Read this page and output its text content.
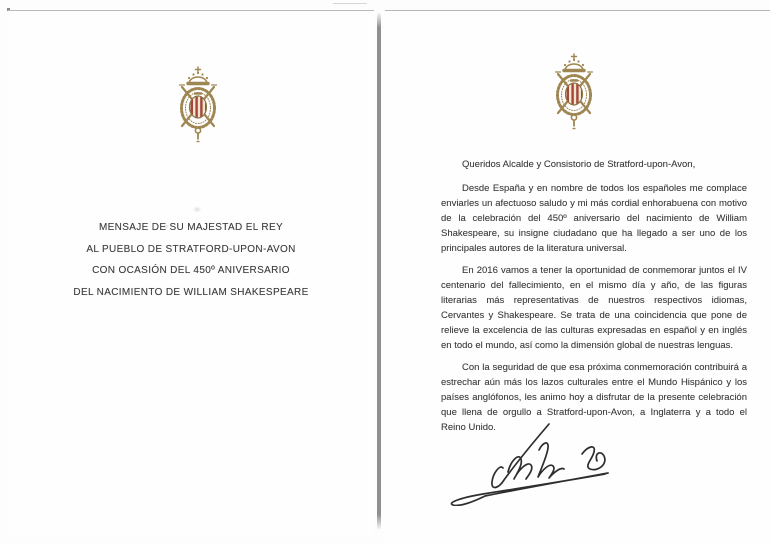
MENSAJE DE SU MAJESTAD EL REY
AL PUEBLO DE STRATFORD-UPON-AVON
CON OCASIÓN DEL 450º ANIVERSARIO
DEL NACIMIENTO DE WILLIAM SHAKESPEARE

Queridos Alcalde y Consistorio de Stratford-upon-Avon,

Desde España y en nombre de todos los españoles me complace enviarles un afectuoso saludo y mi más cordial enhorabuena con motivo de la celebración del 450º aniversario del nacimiento de William Shakespeare, su insigne ciudadano que ha llegado a ser uno de los principales autores de la literatura universal.

En 2016 vamos a tener la oportunidad de conmemorar juntos el IV centenario del fallecimiento, en el mismo día y año, de las figuras literarias más representativas de nuestros respectivos idiomas, Cervantes y Shakespeare. Se trata de una coincidencia que pone de relieve la excelencia de las culturas expresadas en español y en inglés en todo el mundo, así como la dimensión global de nuestras lenguas.

Con la seguridad de que esa próxima conmemoración contribuirá a estrechar aún más los lazos culturales entre el Mundo Hispánico y los países anglófonos, les animo hoy a disfrutar de la presente celebración que llena de orgullo a Stratford-upon-Avon, a Inglaterra y a todo el Reino Unido.
